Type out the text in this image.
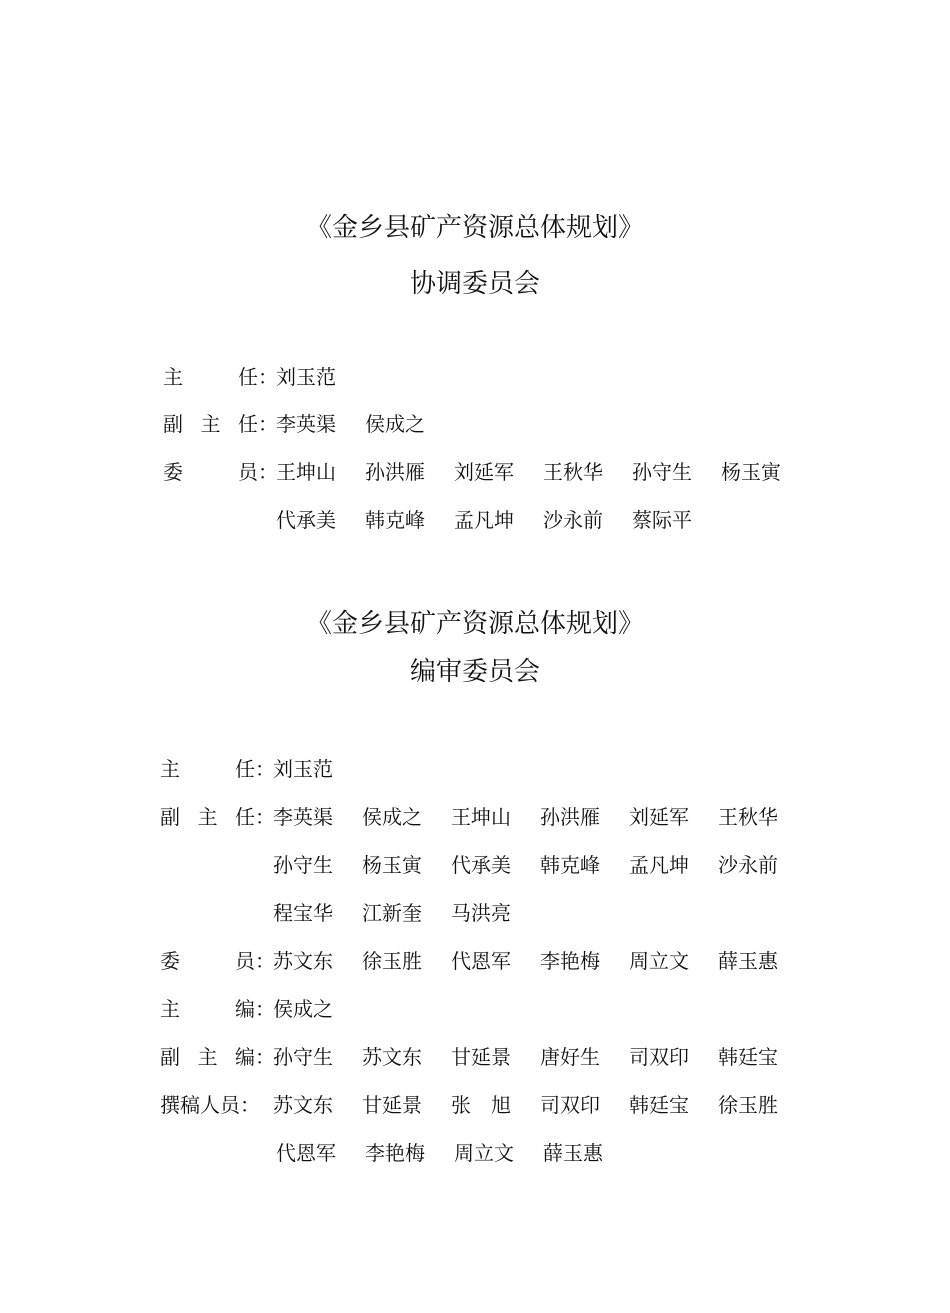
《金乡县矿产资源总体规划》
协调委员会
主	任：
刘玉范
副 主 任：
李英渠	侯成之
委	员：
王坤山	孙洪雁	刘延军	王秋华	孙守生	杨玉寅
代承美	韩克峰	孟凡坤	沙永前	蔡际平
《金乡县矿产资源总体规划》
编审委员会
主	任：
刘玉范
副 主 任：
李英渠	侯成之	王坤山	孙洪雁	刘延军	王秋华
孙守生	杨玉寅	代承美	韩克峰	孟凡坤	沙永前
程宝华	江新奎	马洪亮
委	员：
苏文东	徐玉胜	代恩军	李艳梅	周立文	薛玉惠
主	编：
侯成之
副 主 编：
孙守生	苏文东	甘延景	唐好生	司双印	韩廷宝
撰稿人员： 苏文东	甘延景	张　旭	司双印	韩廷宝	徐玉胜
代恩军	李艳梅	周立文	薛玉惠
